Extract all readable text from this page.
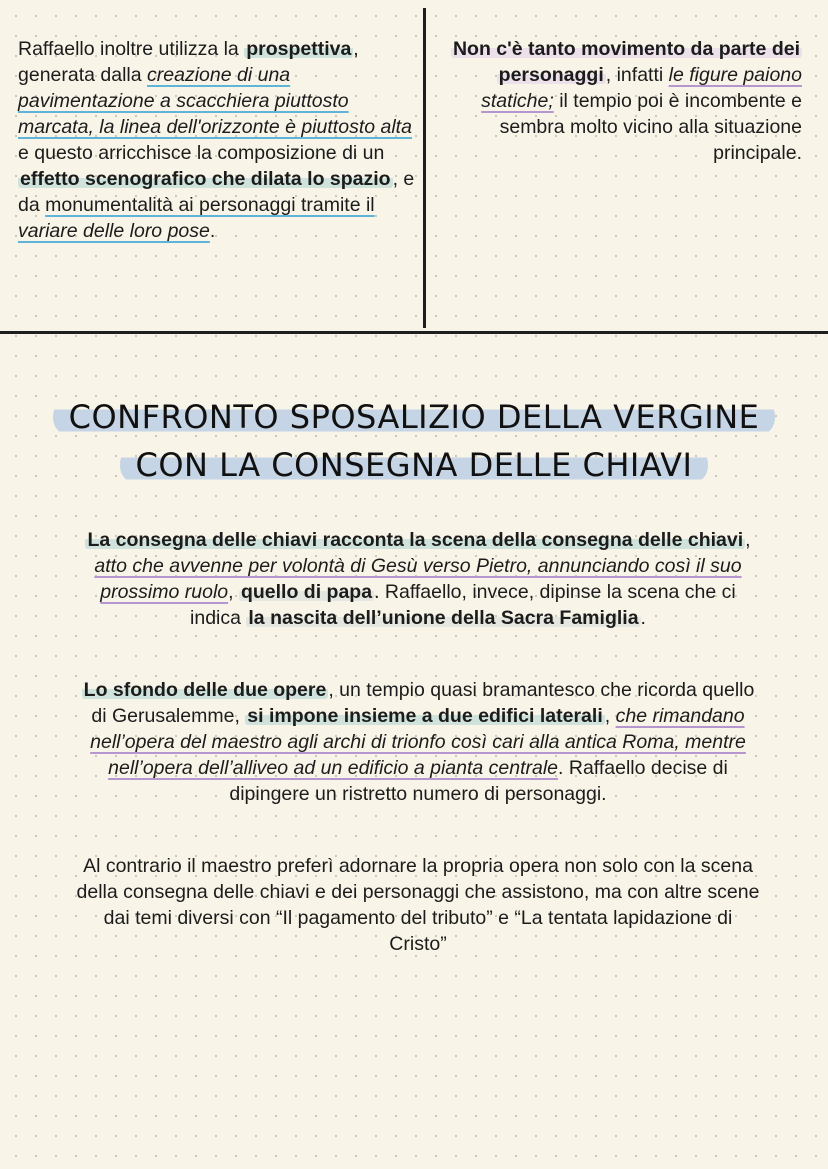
Raffaello inoltre utilizza la prospettiva , generata dalla creazione di una pavimentazione a scacchiera piuttosto marcata, la linea dell'orizzonte è piuttosto alta e questo arricchisce la composizione di un effetto scenografico che dilata lo spazio , e da monumentalità ai personaggi tramite il variare delle loro pose.

Non c'è tanto movimento da parte dei personaggi , infatti le figure paiono statiche; il tempio poi è incombente e sembra molto vicino alla situazione principale.

CONFRONTO SPOSALIZIO DELLA VERGINE
CON LA CONSEGNA DELLE CHIAVI

La consegna delle chiavi racconta la scena della consegna delle chiavi , atto che avvenne per volontà di Gesù verso Pietro, annunciando così il suo prossimo ruolo, quello di papa . Raffaello, invece, dipinse la scena che ci indica la nascita dell’unione della Sacra Famiglia .

Lo sfondo delle due opere , un tempio quasi bramantesco che ricorda quello di Gerusalemme, si impone insieme a due edifici laterali , che rimandano nell’opera del maestro agli archi di trionfo così cari alla antica Roma, mentre nell’opera dell’alliveo ad un edificio a pianta centrale. Raffaello decise di dipingere un ristretto numero di personaggi.

Al contrario il maestro preferì adornare la propria opera non solo con la scena della consegna delle chiavi e dei personaggi che assistono, ma con altre scene dai temi diversi con “Il pagamento del tributo” e “La tentata lapidazione di Cristo”
